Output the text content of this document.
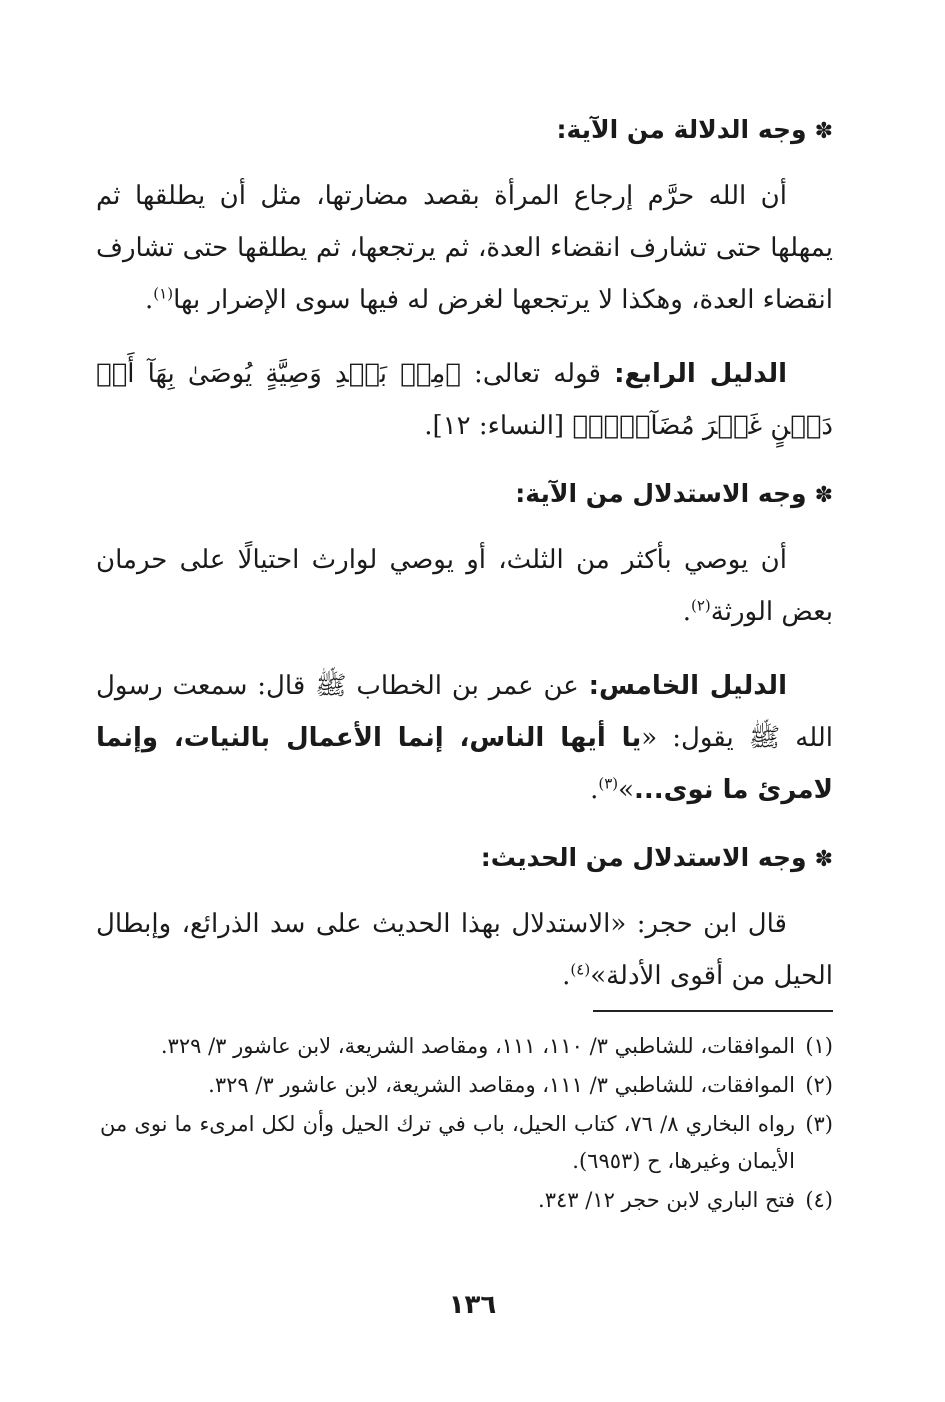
✽وجه الدلالة من الآية:

أن الله حرَّم إرجاع المرأة بقصد مضارتها، مثل أن يطلقها ثم يمهلها حتى تشارف انقضاء العدة، ثم يرتجعها، ثم يطلقها حتى تشارف انقضاء العدة، وهكذا لا يرتجعها لغرض له فيها سوى الإضرار بها$^{(١)}$.

الدليل الرابع: قوله تعالى: ﴿مِنۢ بَعۡدِ وَصِيَّةٍ يُوصَىٰ بِهَآ أَوۡ دَيۡنٍ غَيۡرَ مُضَآرٍّۚ﴾ [النساء: ١٢].

✽وجه الاستدلال من الآية:

أن يوصي بأكثر من الثلث، أو يوصي لوارث احتيالًا على حرمان بعض الورثة$^{(٢)}$.

الدليل الخامس: عن عمر بن الخطاب ﷺ قال: سمعت رسول الله ﷺ يقول: «يا أيها الناس، إنما الأعمال بالنيات، وإنما لامرئ ما نوى...»$^{(٣)}$.

✽وجه الاستدلال من الحديث:

قال ابن حجر: «الاستدلال بهذا الحديث على سد الذرائع، وإبطال الحيل من أقوى الأدلة»$^{(٤)}$.

(١)
الموافقات، للشاطبي ٣/ ١١٠، ١١١، ومقاصد الشريعة، لابن عاشور ٣/ ٣٢٩.
(٢)
الموافقات، للشاطبي ٣/ ١١١، ومقاصد الشريعة، لابن عاشور ٣/ ٣٢٩.
(٣)
رواه البخاري ٨/ ٧٦، كتاب الحيل، باب في ترك الحيل وأن لكل امرىء ما نوى من الأيمان وغيرها، ح (٦٩٥٣).
(٤)
فتح الباري لابن حجر ١٢/ ٣٤٣.
١٣٦
